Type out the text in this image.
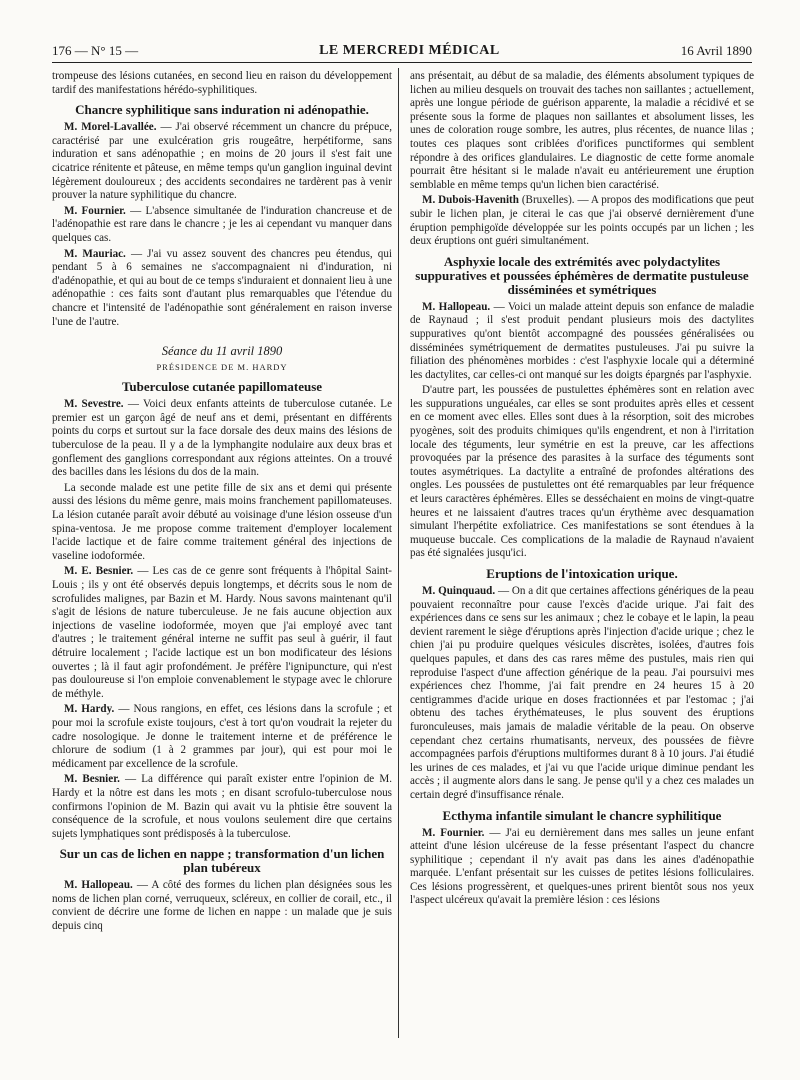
176 — N° 15 —	LE MERCREDI MÉDICAL	16 Avril 1890

trompeuse des lésions cutanées, en second lieu en raison du développement tardif des manifestations hérédo-syphilitiques.

Chancre syphilitique sans induration ni adénopathie.

M. Morel-Lavallée. — J'ai observé récemment un chancre du prépuce, caractérisé par une exulcération gris rougeâtre, herpétiforme, sans induration et sans adénopathie ; en moins de 20 jours il s'est fait une cicatrice rénitente et pâteuse, en même temps qu'un ganglion inguinal devint légèrement douloureux ; des accidents secondaires ne tardèrent pas à venir prouver la nature syphilitique du chancre.

M. Fournier. — L'absence simultanée de l'induration chancreuse et de l'adénopathie est rare dans le chancre ; je les ai cependant vu manquer dans quelques cas.

M. Mauriac. — J'ai vu assez souvent des chancres peu étendus, qui pendant 5 à 6 semaines ne s'accompagnaient ni d'induration, ni d'adénopathie, et qui au bout de ce temps s'induraient et donnaient lieu à une adénopathie : ces faits sont d'autant plus remarquables que l'étendue du chancre et l'intensité de l'adénopathie sont généralement en raison inverse l'une de l'autre.

Séance du 11 avril 1890
PRÉSIDENCE DE M. HARDY
Tuberculose cutanée papillomateuse

M. Sevestre. — Voici deux enfants atteints de tuberculose cutanée. Le premier est un garçon âgé de neuf ans et demi, présentant en différents points du corps et surtout sur la face dorsale des deux mains des lésions de tuberculose de la peau. Il y a de la lymphangite nodulaire aux deux bras et gonflement des ganglions correspondant aux régions atteintes. On a trouvé des bacilles dans les lésions du dos de la main.

La seconde malade est une petite fille de six ans et demi qui présente aussi des lésions du même genre, mais moins franchement papillomateuses. La lésion cutanée paraît avoir débuté au voisinage d'une lésion osseuse d'un spina-ventosa. Je me propose comme traitement d'employer localement l'acide lactique et de faire comme traitement général des injections de vaseline iodoformée.

M. E. Besnier. — Les cas de ce genre sont fréquents à l'hôpital Saint-Louis ; ils y ont été observés depuis longtemps, et décrits sous le nom de scrofulides malignes, par Bazin et M. Hardy. Nous savons maintenant qu'il s'agit de lésions de nature tuberculeuse. Je ne fais aucune objection aux injections de vaseline iodoformée, moyen que j'ai employé avec tant d'autres ; le traitement général interne ne suffit pas seul à guérir, il faut détruire localement ; l'acide lactique est un bon modificateur des lésions ouvertes ; là il faut agir profondément. Je préfère l'ignipuncture, qui n'est pas douloureuse si l'on emploie convenablement le stypage avec le chlorure de méthyle.

M. Hardy. — Nous rangions, en effet, ces lésions dans la scrofule ; et pour moi la scrofule existe toujours, c'est à tort qu'on voudrait la rejeter du cadre nosologique. Je donne le traitement interne et de préférence le chlorure de sodium (1 à 2 grammes par jour), qui est pour moi le médicament par excellence de la scrofule.

M. Besnier. — La différence qui paraît exister entre l'opinion de M. Hardy et la nôtre est dans les mots ; en disant scrofulo-tuberculose nous confirmons l'opinion de M. Bazin qui avait vu la phtisie être souvent la conséquence de la scrofule, et nous voulons seulement dire que certains sujets lymphatiques sont prédisposés à la tuberculose.

Sur un cas de lichen en nappe ; transformation d'un lichen plan tubéreux

M. Hallopeau. — A côté des formes du lichen plan désignées sous les noms de lichen plan corné, verruqueux, scléreux, en collier de corail, etc., il convient de décrire une forme de lichen en nappe : un malade que je suis depuis cinq

ans présentait, au début de sa maladie, des éléments absolument typiques de lichen au milieu desquels on trouvait des taches non saillantes ; actuellement, après une longue période de guérison apparente, la maladie a récidivé et se présente sous la forme de plaques non saillantes et absolument lisses, les unes de coloration rouge sombre, les autres, plus récentes, de nuance lilas ; toutes ces plaques sont criblées d'orifices punctiformes qui semblent répondre à des orifices glandulaires. Le diagnostic de cette forme anomale pourrait être hésitant si le malade n'avait eu antérieurement une éruption semblable en même temps qu'un lichen bien caractérisé.

M. Dubois-Havenith (Bruxelles). — A propos des modifications que peut subir le lichen plan, je citerai le cas que j'ai observé dernièrement d'une éruption pemphigoïde développée sur les points occupés par un lichen ; les deux éruptions ont guéri simultanément.

Asphyxie locale des extrémités avec polydactylites suppuratives et poussées éphémères de dermatite pustuleuse disséminées et symétriques

M. Hallopeau. — Voici un malade atteint depuis son enfance de maladie de Raynaud ; il s'est produit pendant plusieurs mois des dactylites suppuratives qu'ont bientôt accompagné des poussées généralisées ou disséminées symétriquement de dermatites pustuleuses. J'ai pu suivre la filiation des phénomènes morbides : c'est l'asphyxie locale qui a déterminé les dactylites, car celles-ci ont manqué sur les doigts épargnés par l'asphyxie.

D'autre part, les poussées de pustulettes éphémères sont en relation avec les suppurations unguéales, car elles se sont produites après elles et cessent en ce moment avec elles. Elles sont dues à la résorption, soit des microbes pyogènes, soit des produits chimiques qu'ils engendrent, et non à l'irritation locale des téguments, leur symétrie en est la preuve, car les affections provoquées par la présence des parasites à la surface des téguments sont toutes asymétriques. La dactylite a entraîné de profondes altérations des ongles. Les poussées de pustulettes ont été remarquables par leur fréquence et leurs caractères éphémères. Elles se desséchaient en moins de vingt-quatre heures et ne laissaient d'autres traces qu'un érythème avec desquamation simulant l'herpétite exfoliatrice. Ces manifestations se sont étendues à la muqueuse buccale. Ces complications de la maladie de Raynaud n'avaient pas été signalées jusqu'ici.

Eruptions de l'intoxication urique.

M. Quinquaud. — On a dit que certaines affections génériques de la peau pouvaient reconnaître pour cause l'excès d'acide urique. J'ai fait des expériences dans ce sens sur les animaux ; chez le cobaye et le lapin, la peau devient rarement le siège d'éruptions après l'injection d'acide urique ; chez le chien j'ai pu produire quelques vésicules discrètes, isolées, d'autres fois quelques papules, et dans des cas rares même des pustules, mais rien qui reproduise l'aspect d'une affection générique de la peau. J'ai poursuivi mes expériences chez l'homme, j'ai fait prendre en 24 heures 15 à 20 centigrammes d'acide urique en doses fractionnées et par l'estomac ; j'ai obtenu des taches érythémateuses, le plus souvent des éruptions furonculeuses, mais jamais de maladie véritable de la peau. On observe cependant chez certains rhumatisants, nerveux, des poussées de fièvre accompagnées parfois d'éruptions multiformes durant 8 à 10 jours. J'ai étudié les urines de ces malades, et j'ai vu que l'acide urique diminue pendant les accès ; il augmente alors dans le sang. Je pense qu'il y a chez ces malades un certain degré d'insuffisance rénale.

Ecthyma infantile simulant le chancre syphilitique

M. Fournier. — J'ai eu dernièrement dans mes salles un jeune enfant atteint d'une lésion ulcéreuse de la fesse présentant l'aspect du chancre syphilitique ; cependant il n'y avait pas dans les aines d'adénopathie marquée. L'enfant présentait sur les cuisses de petites lésions folliculaires. Ces lésions progressèrent, et quelques-unes prirent bientôt sous nos yeux l'aspect ulcéreux qu'avait la première lésion : ces lésions
